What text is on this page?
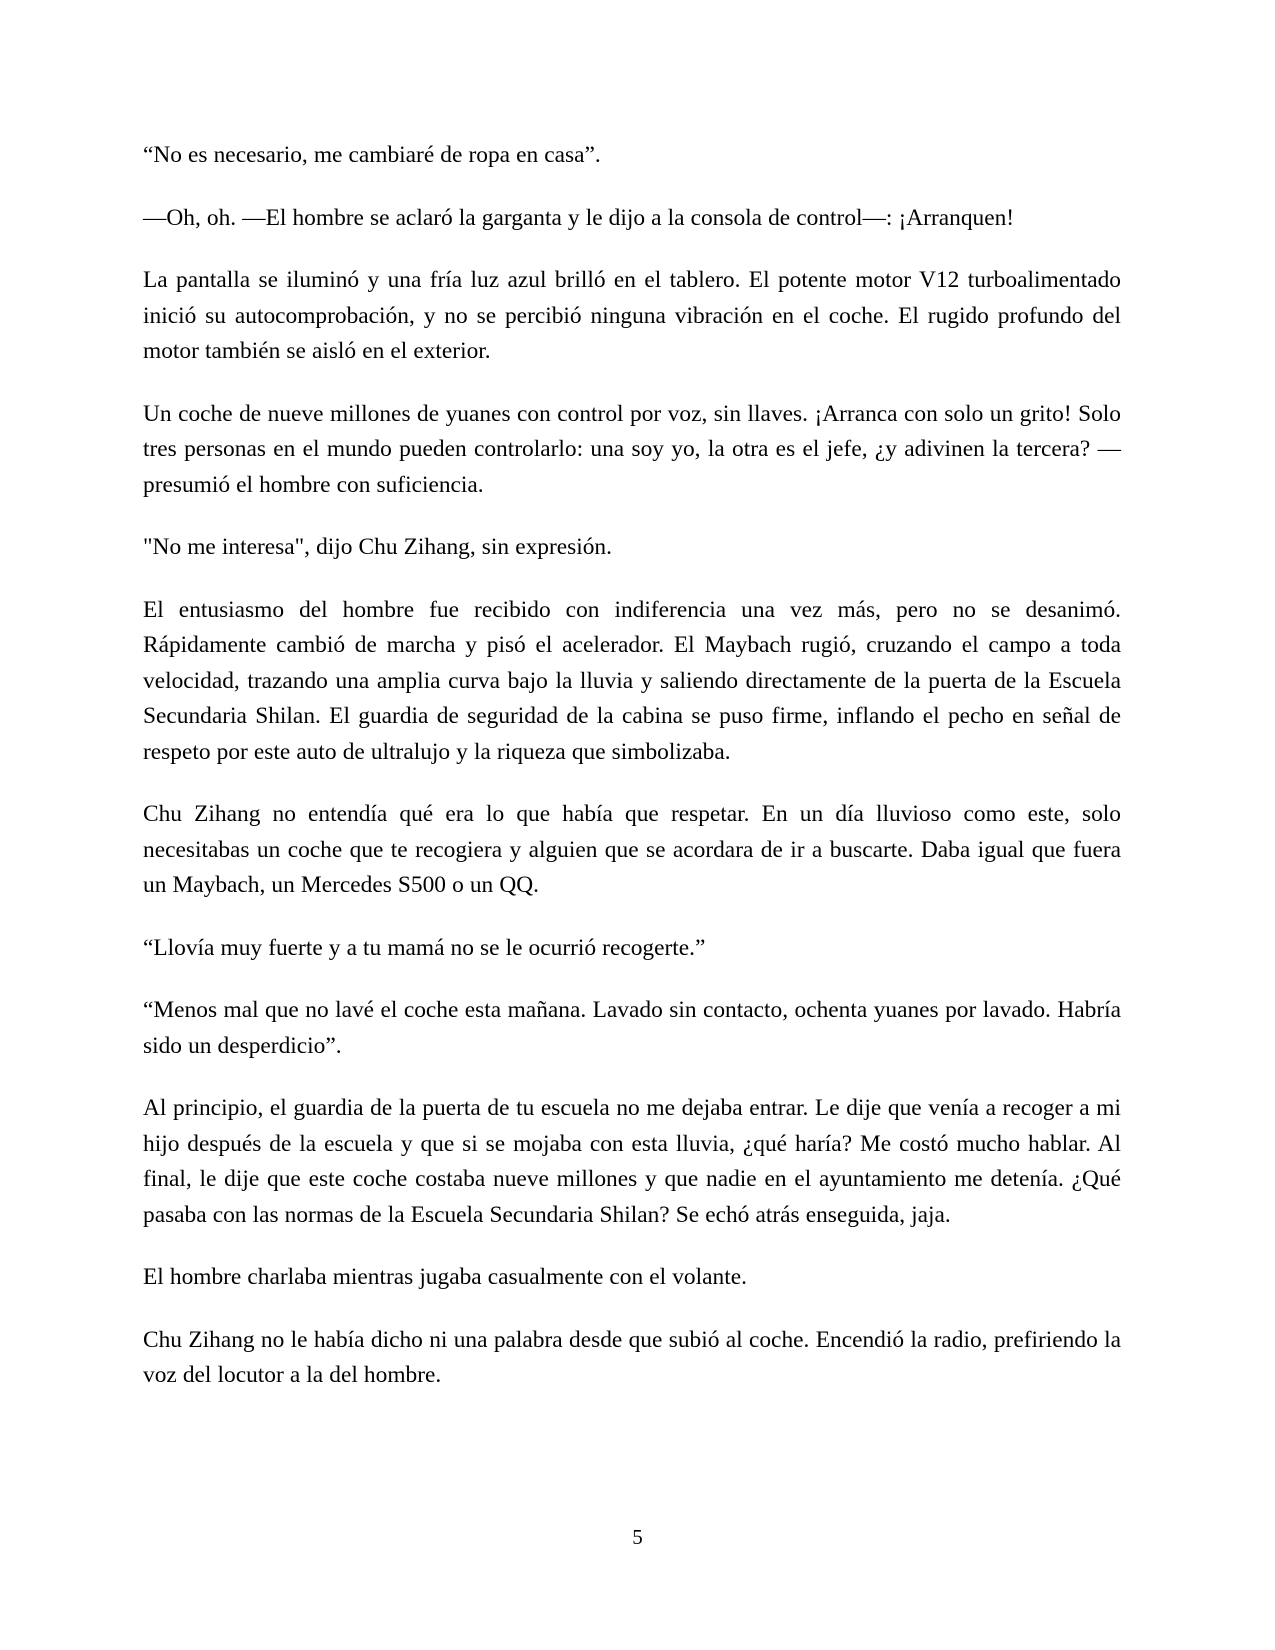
“No es necesario, me cambiaré de ropa en casa”.

—Oh, oh. —El hombre se aclaró la garganta y le dijo a la consola de control—: ¡Arranquen!

La pantalla se iluminó y una fría luz azul brilló en el tablero. El potente motor V12 turboalimentado inició su autocomprobación, y no se percibió ninguna vibración en el coche. El rugido profundo del motor también se aisló en el exterior.

Un coche de nueve millones de yuanes con control por voz, sin llaves. ¡Arranca con solo un grito! Solo tres personas en el mundo pueden controlarlo: una soy yo, la otra es el jefe, ¿y adivinen la tercera? —presumió el hombre con suficiencia.

"No me interesa", dijo Chu Zihang, sin expresión.

El entusiasmo del hombre fue recibido con indiferencia una vez más, pero no se desanimó. Rápidamente cambió de marcha y pisó el acelerador. El Maybach rugió, cruzando el campo a toda velocidad, trazando una amplia curva bajo la lluvia y saliendo directamente de la puerta de la Escuela Secundaria Shilan. El guardia de seguridad de la cabina se puso firme, inflando el pecho en señal de respeto por este auto de ultralujo y la riqueza que simbolizaba.

Chu Zihang no entendía qué era lo que había que respetar. En un día lluvioso como este, solo necesitabas un coche que te recogiera y alguien que se acordara de ir a buscarte. Daba igual que fuera un Maybach, un Mercedes S500 o un QQ.

“Llovía muy fuerte y a tu mamá no se le ocurrió recogerte.”

“Menos mal que no lavé el coche esta mañana. Lavado sin contacto, ochenta yuanes por lavado. Habría sido un desperdicio”.

Al principio, el guardia de la puerta de tu escuela no me dejaba entrar. Le dije que venía a recoger a mi hijo después de la escuela y que si se mojaba con esta lluvia, ¿qué haría? Me costó mucho hablar. Al final, le dije que este coche costaba nueve millones y que nadie en el ayuntamiento me detenía. ¿Qué pasaba con las normas de la Escuela Secundaria Shilan? Se echó atrás enseguida, jaja.

El hombre charlaba mientras jugaba casualmente con el volante.

Chu Zihang no le había dicho ni una palabra desde que subió al coche. Encendió la radio, prefiriendo la voz del locutor a la del hombre.

5
